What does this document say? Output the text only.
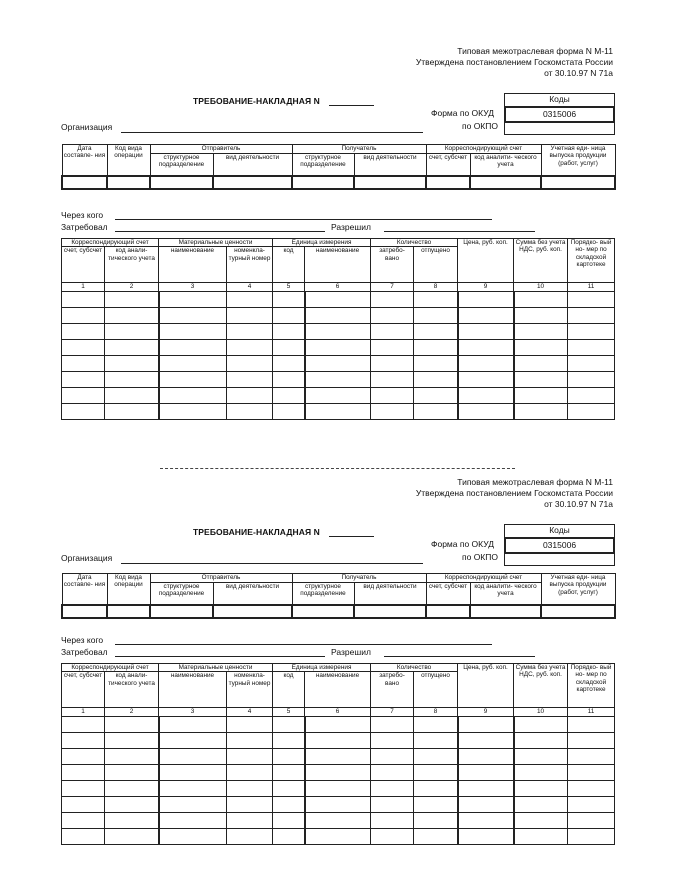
Типовая межотраслевая форма N М-11
Утверждена постановлением Госкомстата России
от 30.10.97 N 71а
ТРЕБОВАНИЕ-НАКЛАДНАЯ N	Коды
0315006
Форма по ОКУД
по ОКПО
Организация
Дата составле- ния	Код вида операции	Отправитель		Получатель		Корреспондирующий счет		Учетная еди- ница выпуска продукции (работ, услуг)
		структурное подразделение	вид деятельности	структурное подразделение	вид деятельности	счет, субсчет	код аналити- ческого учета	

Через кого
Затребовал	Разрешил
Корреспондирующий счет		Материальные ценности		Единица измерения		Количество		Цена, руб. коп.	Сумма без учета НДС, руб. коп.	Порядко- вый но- мер по складской картотеке
счет, субсчет	код анали- тического учета	наименование	номенкла- турный номер	код	наименование	затребо- вано	отпущено			
1	2	3	4	5	6	7	8	9	10	11

Типовая межотраслевая форма N М-11
Утверждена постановлением Госкомстата России
от 30.10.97 N 71а
ТРЕБОВАНИЕ-НАКЛАДНАЯ N	Коды
0315006
Форма по ОКУД
по ОКПО
Организация
Дата составле- ния	Код вида операции	Отправитель		Получатель		Корреспондирующий счет		Учетная еди- ница выпуска продукции (работ, услуг)
		структурное подразделение	вид деятельности	структурное подразделение	вид деятельности	счет, субсчет	код аналити- ческого учета	

Через кого
Затребовал	Разрешил
Корреспондирующий счет		Материальные ценности		Единица измерения		Количество		Цена, руб. коп.	Сумма без учета НДС, руб. коп.	Порядко- вый но- мер по складской картотеке
счет, субсчет	код анали- тического учета	наименование	номенкла- турный номер	код	наименование	затребо- вано	отпущено			
1	2	3	4	5	6	7	8	9	10	11
